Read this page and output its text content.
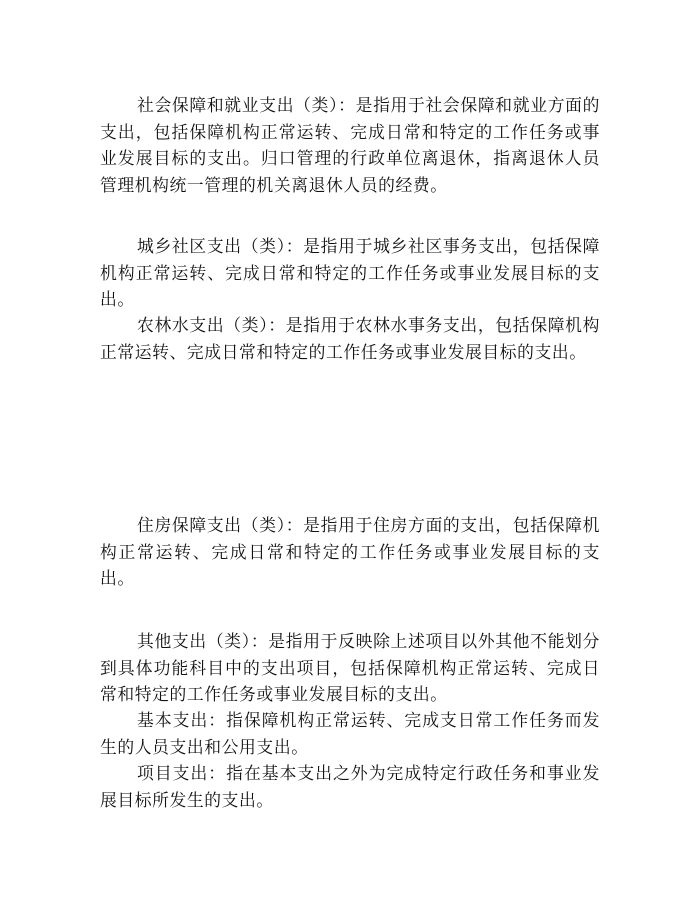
社会保障和就业支出（类）：是指用于社会保障和就业方面的支出，包括保障机构正常运转、完成日常和特定的工作任务或事业发展目标的支出。归口管理的行政单位离退休，指离退休人员管理机构统一管理的机关离退休人员的经费。

城乡社区支出（类）：是指用于城乡社区事务支出，包括保障机构正常运转、完成日常和特定的工作任务或事业发展目标的支出。

农林水支出（类）：是指用于农林水事务支出，包括保障机构正常运转、完成日常和特定的工作任务或事业发展目标的支出。

住房保障支出（类）：是指用于住房方面的支出，包括保障机构正常运转、完成日常和特定的工作任务或事业发展目标的支出。

其他支出（类）：是指用于反映除上述项目以外其他不能划分到具体功能科目中的支出项目，包括保障机构正常运转、完成日常和特定的工作任务或事业发展目标的支出。

基本支出：指保障机构正常运转、完成支日常工作任务而发生的人员支出和公用支出。

项目支出：指在基本支出之外为完成特定行政任务和事业发展目标所发生的支出。
